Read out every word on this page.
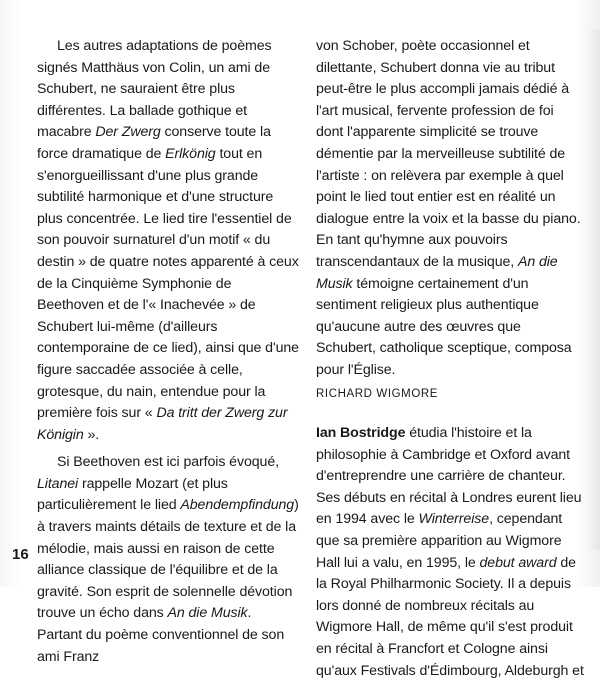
Les autres adaptations de poèmes signés Matthäus von Colin, un ami de Schubert, ne sauraient être plus différentes. La ballade gothique et macabre Der Zwerg conserve toute la force dramatique de Erlkönig tout en s'enorgueillissant d'une plus grande subtilité harmonique et d'une structure plus concentrée. Le lied tire l'essentiel de son pouvoir surnaturel d'un motif « du destin » de quatre notes apparenté à ceux de la Cinquième Symphonie de Beethoven et de l'« Inachevée » de Schubert lui-même (d'ailleurs contemporaine de ce lied), ainsi que d'une figure saccadée associée à celle, grotesque, du nain, entendue pour la première fois sur « Da tritt der Zwerg zur Königin ».

Si Beethoven est ici parfois évoqué, Litanei rappelle Mozart (et plus particulièrement le lied Abendempfindung) à travers maints détails de texture et de la mélodie, mais aussi en raison de cette alliance classique de l'équilibre et de la gravité. Son esprit de solennelle dévotion trouve un écho dans An die Musik. Partant du poème conventionnel de son ami Franz

von Schober, poète occasionnel et dilettante, Schubert donna vie au tribut peut-être le plus accompli jamais dédié à l'art musical, fervente profession de foi dont l'apparente simplicité se trouve démentie par la merveilleuse subtilité de l'artiste : on relèvera par exemple à quel point le lied tout entier est en réalité un dialogue entre la voix et la basse du piano. En tant qu'hymne aux pouvoirs transcendantaux de la musique, An die Musik témoigne certainement d'un sentiment religieux plus authentique qu'aucune autre des œuvres que Schubert, catholique sceptique, composa pour l'Église.

RICHARD WIGMORE

Ian Bostridge étudia l'histoire et la philosophie à Cambridge et Oxford avant d'entreprendre une carrière de chanteur. Ses débuts en récital à Londres eurent lieu en 1994 avec le Winterreise, cependant que sa première apparition au Wigmore Hall lui a valu, en 1995, le debut award de la Royal Philharmonic Society. Il a depuis lors donné de nombreux récitals au Wigmore Hall, de même qu'il s'est produit en récital à Francfort et Cologne ainsi qu'aux Festivals d'Édimbourg, Aldeburgh et

16
